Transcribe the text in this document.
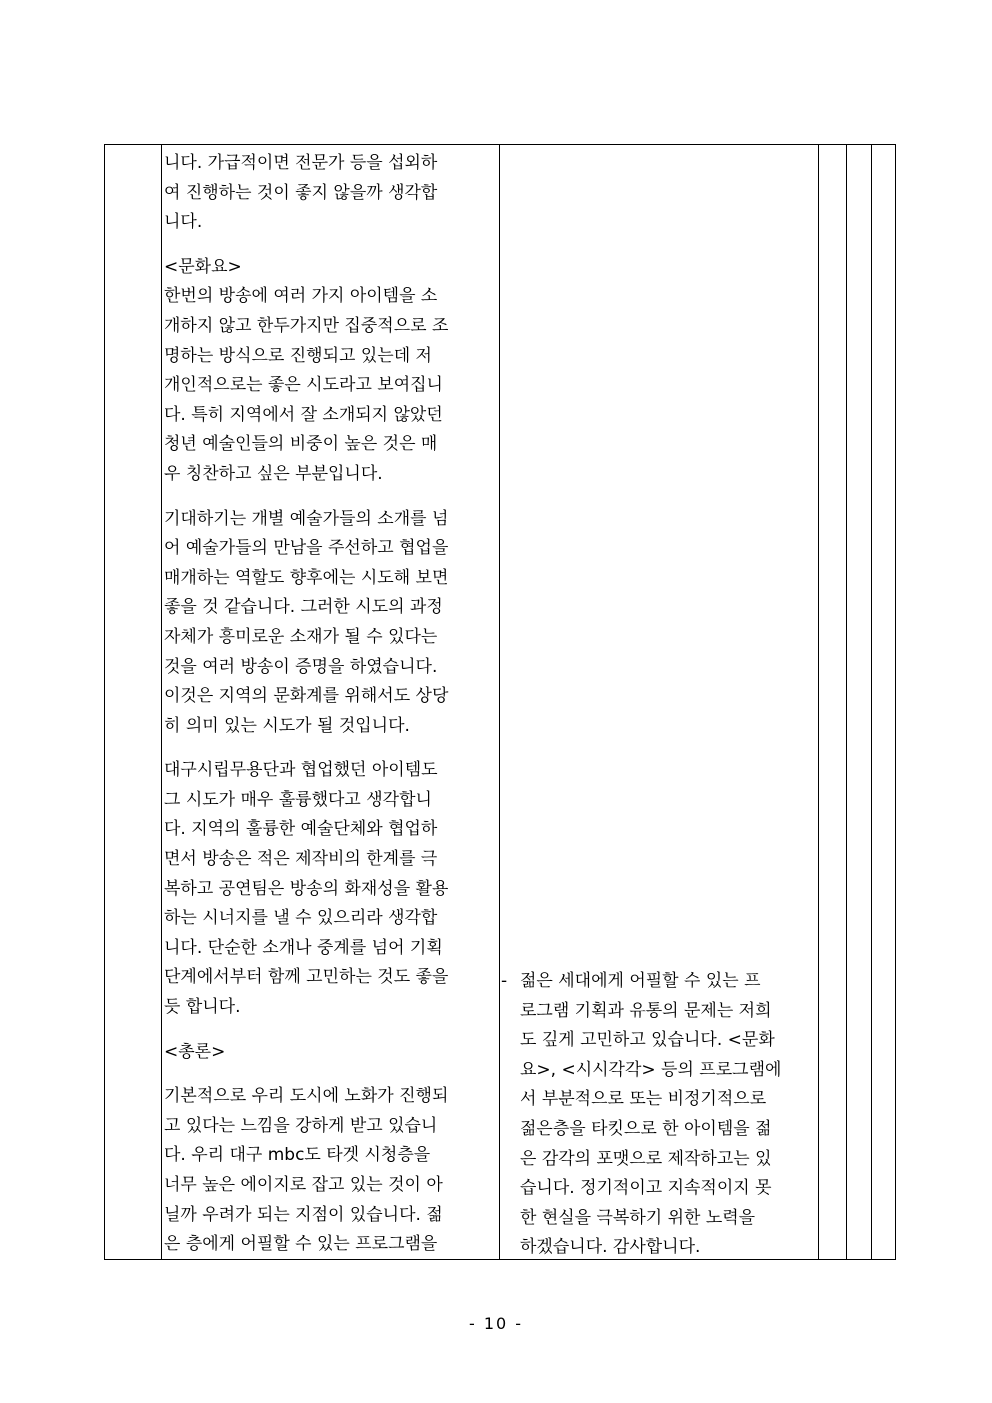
니다. 가급적이면 전문가 등을 섭외하
여 진행하는 것이 좋지 않을까 생각합
니다.

<문화요>

한번의 방송에 여러 가지 아이템을 소
개하지 않고 한두가지만 집중적으로 조
명하는 방식으로 진행되고 있는데 저
개인적으로는 좋은 시도라고 보여집니
다. 특히 지역에서 잘 소개되지 않았던
청년 예술인들의 비중이 높은 것은 매
우 칭찬하고 싶은 부분입니다.

기대하기는 개별 예술가들의 소개를 넘
어 예술가들의 만남을 주선하고 협업을
매개하는 역할도 향후에는 시도해 보면
좋을 것 같습니다. 그러한 시도의 과정
자체가 흥미로운 소재가 될 수 있다는
것을 여러 방송이 증명을 하였습니다.
이것은 지역의 문화계를 위해서도 상당
히 의미 있는 시도가 될 것입니다.

대구시립무용단과 협업했던 아이템도
그 시도가 매우 훌륭했다고 생각합니
다. 지역의 훌륭한 예술단체와 협업하
면서 방송은 적은 제작비의 한계를 극
복하고 공연팀은 방송의 화재성을 활용
하는 시너지를 낼 수 있으리라 생각합
니다. 단순한 소개나 중계를 넘어 기획
단계에서부터 함께 고민하는 것도 좋을
듯 합니다.

<총론>

기본적으로 우리 도시에 노화가 진행되
고 있다는 느낌을 강하게 받고 있습니
다. 우리 대구 mbc도 타겟 시청층을
너무 높은 에이지로 잡고 있는 것이 아
닐까 우려가 되는 지점이 있습니다. 젊
은 층에게 어필할 수 있는 프로그램을

- 젊은 세대에게 어필할 수 있는 프
로그램 기획과 유통의 문제는 저희
도 깊게 고민하고 있습니다. <문화
요>, <시시각각> 등의 프로그램에
서 부분적으로 또는 비정기적으로
젊은층을 타킷으로 한 아이템을 젊
은 감각의 포맷으로 제작하고는 있
습니다. 정기적이고 지속적이지 못
한 현실을 극복하기 위한 노력을
하겠습니다. 감사합니다.

- 10 -
